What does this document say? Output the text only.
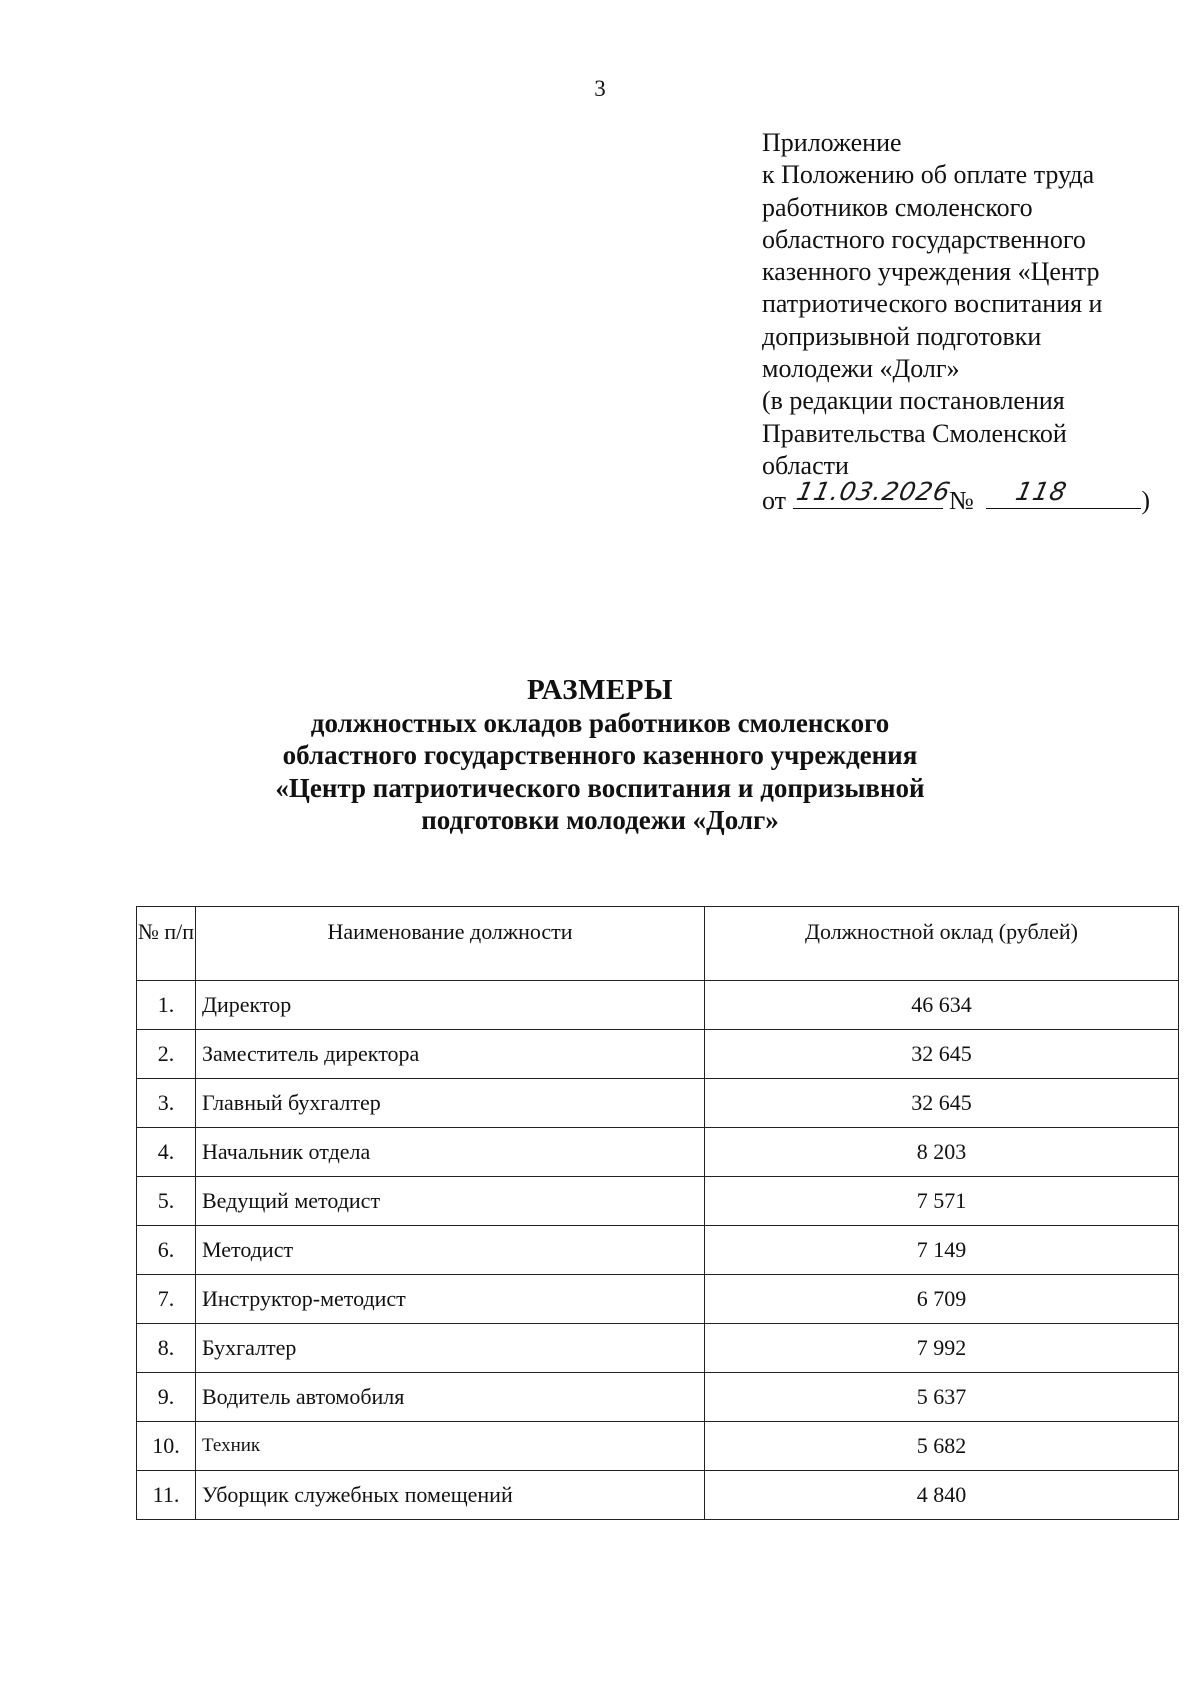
3
Приложение
к Положению об оплате труда
работников смоленского
областного государственного
казенного учреждения «Центр
патриотического воспитания и
допризывной подготовки
молодежи «Долг»
(в редакции постановления
Правительства Смоленской
области
от 11.03.2026
№ 118	)
РАЗМЕРЫ
должностных окладов работников смоленского
областного государственного казенного учреждения
«Центр патриотического воспитания и допризывной
подготовки молодежи «Долг»
№ п/п	Наименование должности	Должностной оклад (рублей)
1.	Директор	46 634
2.	Заместитель директора	32 645
3.	Главный бухгалтер	32 645
4.	Начальник отдела	8 203
5.	Ведущий методист	7 571
6.	Методист	7 149
7.	Инструктор-методист	6 709
8.	Бухгалтер	7 992
9.	Водитель автомобиля	5 637
10.	Техник	5 682
11.	Уборщик служебных помещений	4 840
